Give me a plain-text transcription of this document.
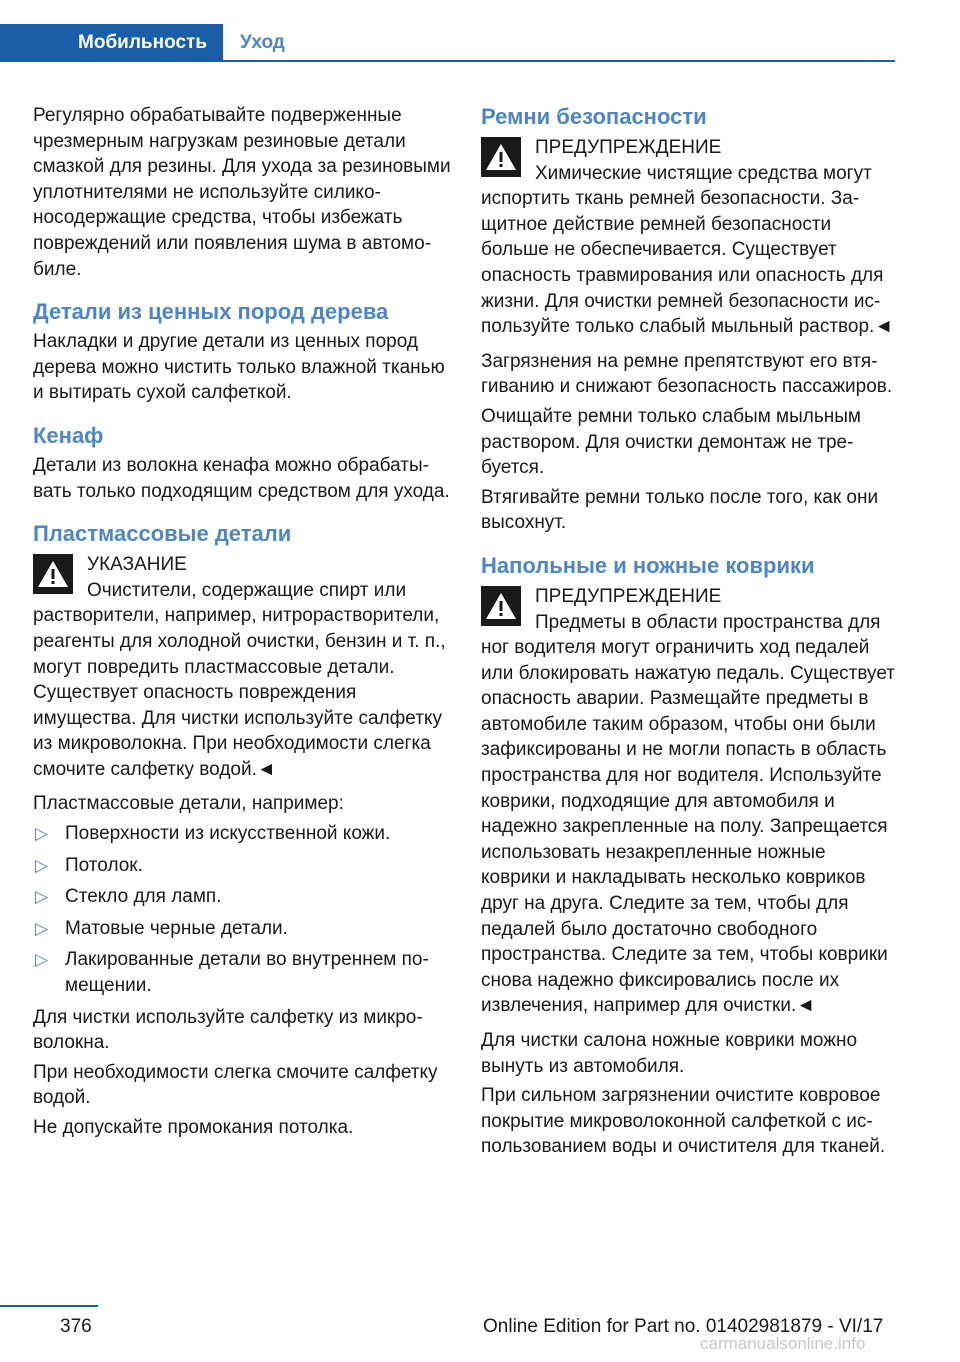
Мобильность	Уход

Регулярно обрабатывайте подверженные чрезмерным нагрузкам резиновые детали смазкой для резины. Для ухода за резиновыми уплотнителями не используйте силиконосодержащие средства, чтобы избежать повреждений или появления шума в автомобиле.

Детали из ценных пород дерева

Накладки и другие детали из ценных пород дерева можно чистить только влажной тканью и вытирать сухой салфеткой.

Кенаф

Детали из волокна кенафа можно обрабатывать только подходящим средством для ухода.

Пластмассовые детали
УКАЗАНИЕ
Очистители, содержащие спирт или
растворители, например, нитрорастворители, реагенты для холодной очистки, бензин и т. п., могут повредить пластмассовые детали. Существует опасность повреждения имущества. Для чистки используйте салфетку из микроволокна. При необходимости слегка смочите салфетку водой.◄

Пластмассовые детали, например:

▷ Поверхности из искусственной кожи.
▷ Потолок.
▷ Стекло для ламп.
▷ Матовые черные детали.
▷ Лакированные детали во внутреннем помещении.

Для чистки используйте салфетку из микроволокна.

При необходимости слегка смочите салфетку водой.

Не допускайте промокания потолка.

Ремни безопасности
ПРЕДУПРЕЖДЕНИЕ
Химические чистящие средства могут
испортить ткань ремней безопасности. Защитное действие ремней безопасности больше не обеспечивается. Существует опасность травмирования или опасность для жизни. Для очистки ремней безопасности используйте только слабый мыльный раствор.◄

Загрязнения на ремне препятствуют его втягиванию и снижают безопасность пассажиров.

Очищайте ремни только слабым мыльным раствором. Для очистки демонтаж не требуется.

Втягивайте ремни только после того, как они высохнут.

Напольные и ножные коврики
ПРЕДУПРЕЖДЕНИЕ
Предметы в области пространства для
ног водителя могут ограничить ход педалей или блокировать нажатую педаль. Существует опасность аварии. Размещайте предметы в автомобиле таким образом, чтобы они были зафиксированы и не могли попасть в область пространства для ног водителя. Используйте коврики, подходящие для автомобиля и надежно закрепленные на полу. Запрещается использовать незакрепленные ножные коврики и накладывать несколько ковриков друг на друга. Следите за тем, чтобы для педалей было достаточно свободного пространства. Следите за тем, чтобы коврики снова надежно фиксировались после их извлечения, например для очистки.◄

Для чистки салона ножные коврики можно вынуть из автомобиля.

При сильном загрязнении очистите ковровое покрытие микроволоконной салфеткой с использованием воды и очистителя для тканей.

376	Online Edition for Part no. 01402981879 - VI/17
carmanualsonline.info
